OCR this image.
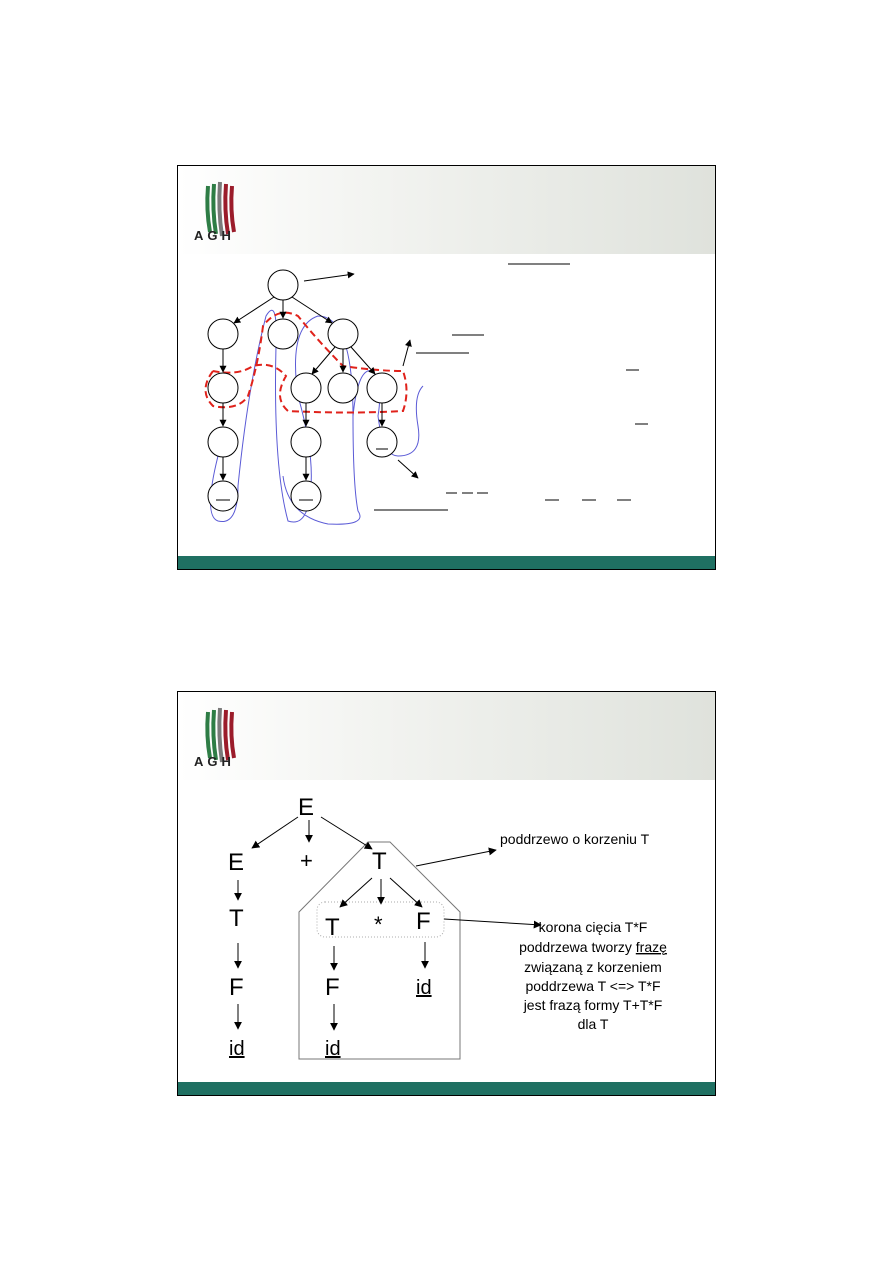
AGH
AGH
E
E	+ T
T
F
id
T * F
F
id
id
poddrzewo o korzeniu T
korona cięcia T*F
poddrzewa tworzy frazę
związaną z korzeniem
poddrzewa T <=> T*F
jest frazą formy T+T*F
dla T
